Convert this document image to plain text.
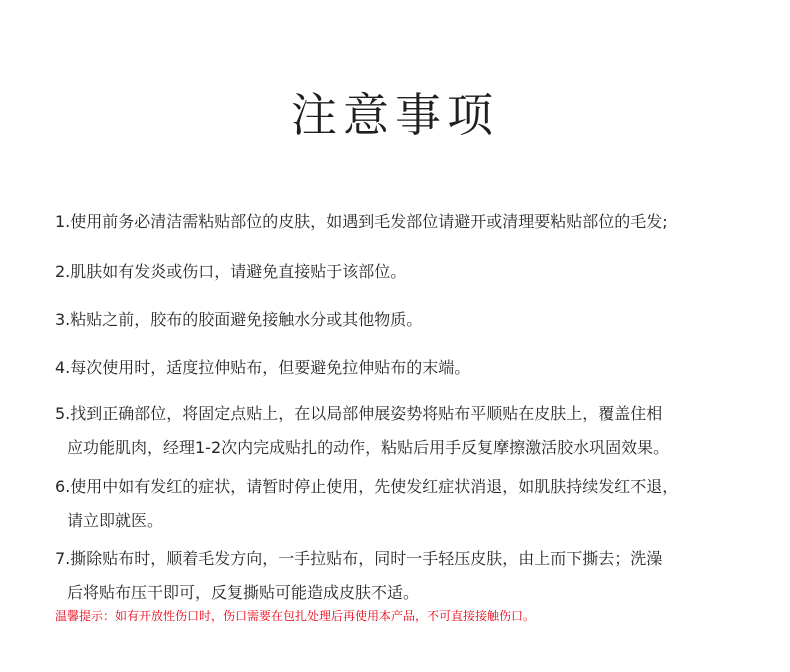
注意事项
1.使用前务必清洁需粘贴部位的皮肤，如遇到毛发部位请避开或清理要粘贴部位的毛发;
2.肌肤如有发炎或伤口，请避免直接贴于该部位。
3.粘贴之前，胶布的胶面避免接触水分或其他物质。
4.每次使用时，适度拉伸贴布，但要避免拉伸贴布的末端。
5.找到正确部位，将固定点贴上，在以局部伸展姿势将贴布平顺贴在皮肤上，覆盖住相
应功能肌肉，经理1-2次内完成贴扎的动作，粘贴后用手反复摩擦激活胶水巩固效果。
6.使用中如有发红的症状，请暂时停止使用，先使发红症状消退，如肌肤持续发红不退，
请立即就医。
7.撕除贴布时，顺着毛发方向，一手拉贴布，同时一手轻压皮肤，由上而下撕去；洗澡
后将贴布压干即可，反复撕贴可能造成皮肤不适。
温馨提示：如有开放性伤口时，伤口需要在包扎处理后再使用本产品，不可直接接触伤口。
